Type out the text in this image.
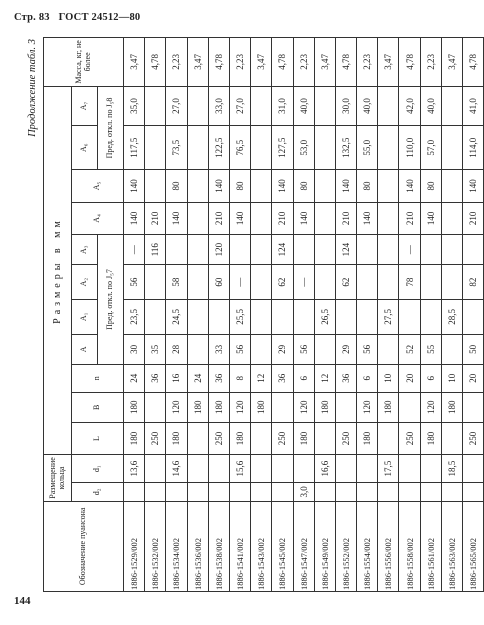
Стр. 83 ГОСТ 24512—80
Продолжение табл. 3
Обозначение пуансона	Размещение кольца		Размеры в мм											Масса, кг, не более
	d₂	d₁	L	B	n	A	A₁	A₂	A₃	A₄	A₅	A₆	A₇	
						Пред. откл. по J₅7						Пред. откл. по J₅8		
1886-1529/002		13,6	180	180	24	30	23,5	56	—	140	140	117,5	35,0	3,47
1886-1532/002			250		36	35			116	210				4,78
1886-1534/002		14,6	180	120	16	28	24,5	58		140	80	73,5	27,0	2,23
1886-1536/002				180	24									3,47
1886-1538/002			250	180	36	33		60	120	210	140	122,5	33,0	4,78
1886-1541/002		15,6	180	120	8	56	25,5	—		140	80	76,5	27,0	2,23
1886-1543/002				180	12									3,47
1886-1545/002			250		36	29		62	124	210	140	127,5	31,0	4,78
1886-1547/002	3,0		180	120	6	56		—		140	80	53,0	40,0	2,23
1886-1549/002		16,6		180	12		26,5							3,47
1886-1552/002			250		36	29		62	124	210	140	132,5	30,0	4,78
1886-1554/002			180	120	6	56				140	80	55,0	40,0	2,23
1886-1556/002		17,5		180	10		27,5							3,47
1886-1558/002			250		20	52		78	—	210	140	110,0	42,0	4,78
1886-1561/002			180	120	6	55				140	80	57,0	40,0	2,23
1886-1563/002		18,5		180	10		28,5							3,47
1886-1565/002			250		20	50		82		210	140	114,0	41,0	4,78
144
